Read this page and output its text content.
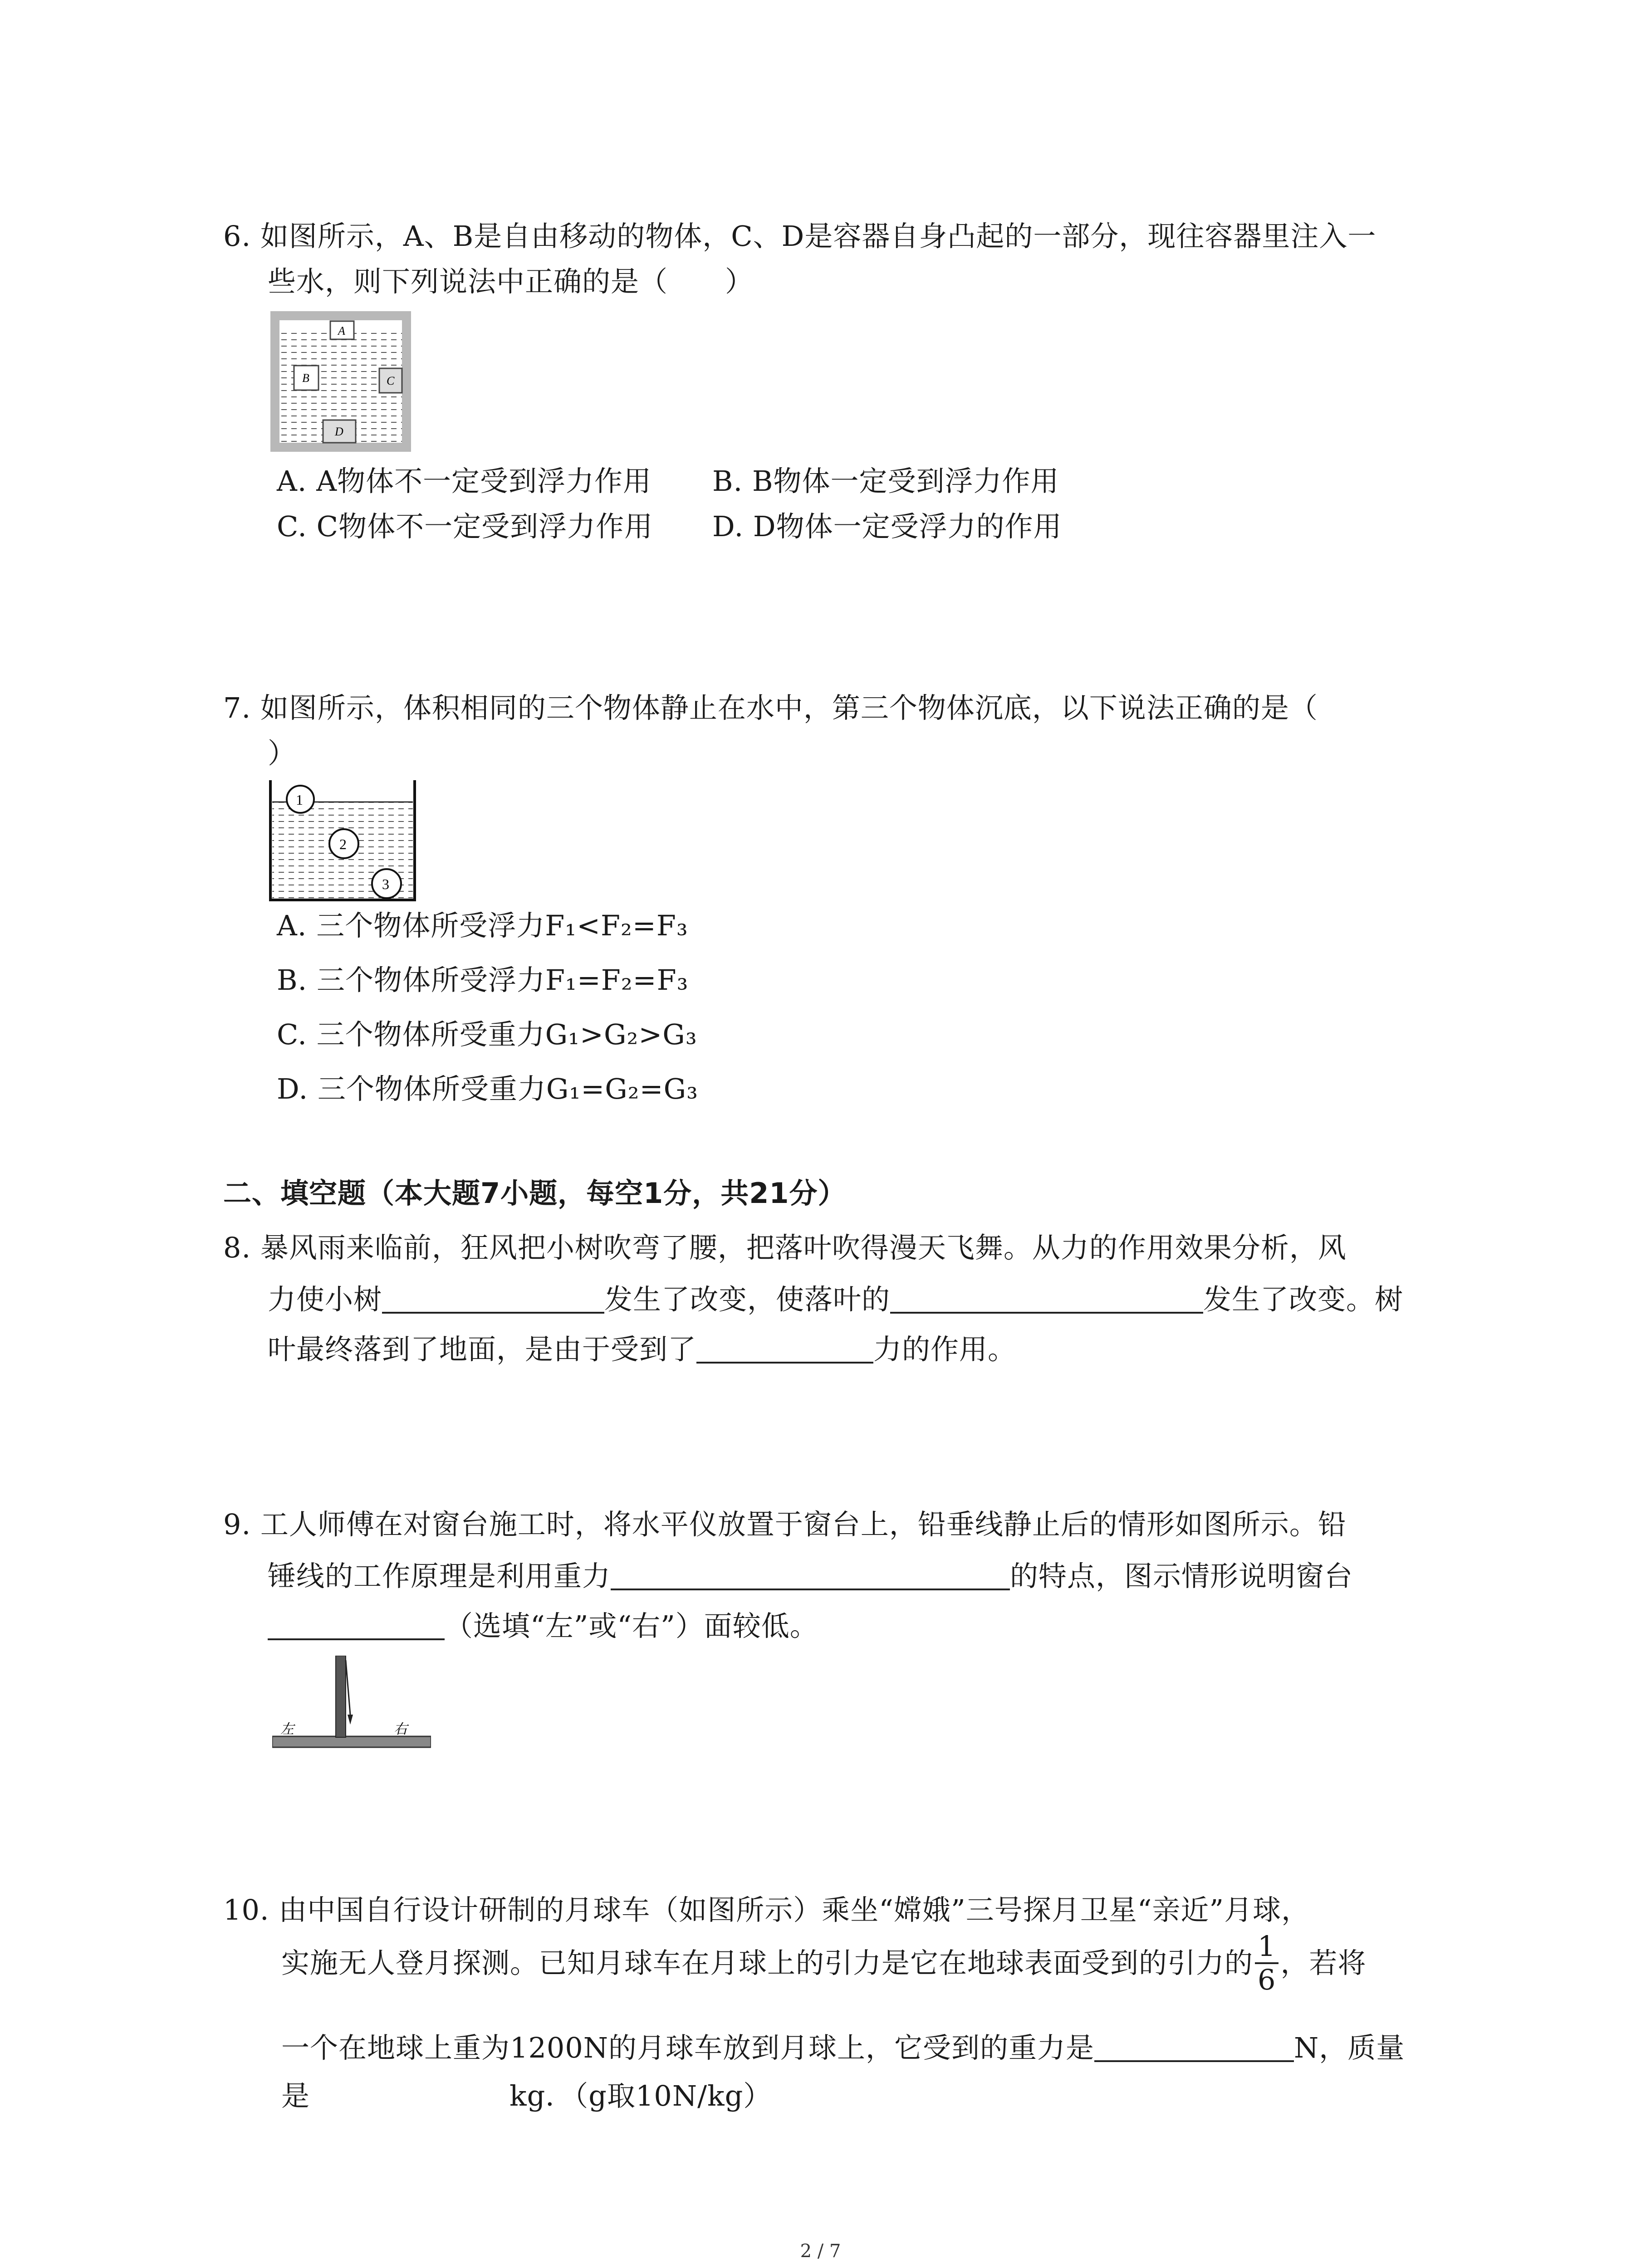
6. 如图所示，A、B是自由移动的物体，C、D是容器自身凸起的一部分，现往容器里注入一
些水，则下列说法中正确的是（　　）
A
B	C
D
A. A物体不一定受到浮力作用 B. B物体一定受到浮力作用
C. C物体不一定受到浮力作用 D. D物体一定受浮力的作用
7. 如图所示，体积相同的三个物体静止在水中，第三个物体沉底，以下说法正确的是（
）
1
2
3
A. 三个物体所受浮力F₁<F₂=F₃
B. 三个物体所受浮力F₁=F₂=F₃
C. 三个物体所受重力G₁>G₂>G₃
D. 三个物体所受重力G₁=G₂=G₃
二、填空题（本大题7小题，每空1分，共21分）
8. 暴风雨来临前，狂风把小树吹弯了腰，把落叶吹得漫天飞舞。从力的作用效果分析，风
力使小树	发生了改变，使落叶的	发生了改变。树
叶最终落到了地面，是由于受到了	力的作用。
9. 工人师傅在对窗台施工时，将水平仪放置于窗台上，铅垂线静止后的情形如图所示。铅
锤线的工作原理是利用重力	的特点，图示情形说明窗台
（选填“左”或“右”）面较低。
左	右
10. 由中国自行设计研制的月球车（如图所示）乘坐“嫦娥”三号探月卫星“亲近”月球，
实施无人登月探测。已知月球车在月球上的引力是它在地球表面受到的引力的 $\frac{1}{6}$ ，若将
一个在地球上重为1200N的月球车放到月球上，它受到的重力是	N，质量
是	kg．（g取10N/kg）
2 / 7
